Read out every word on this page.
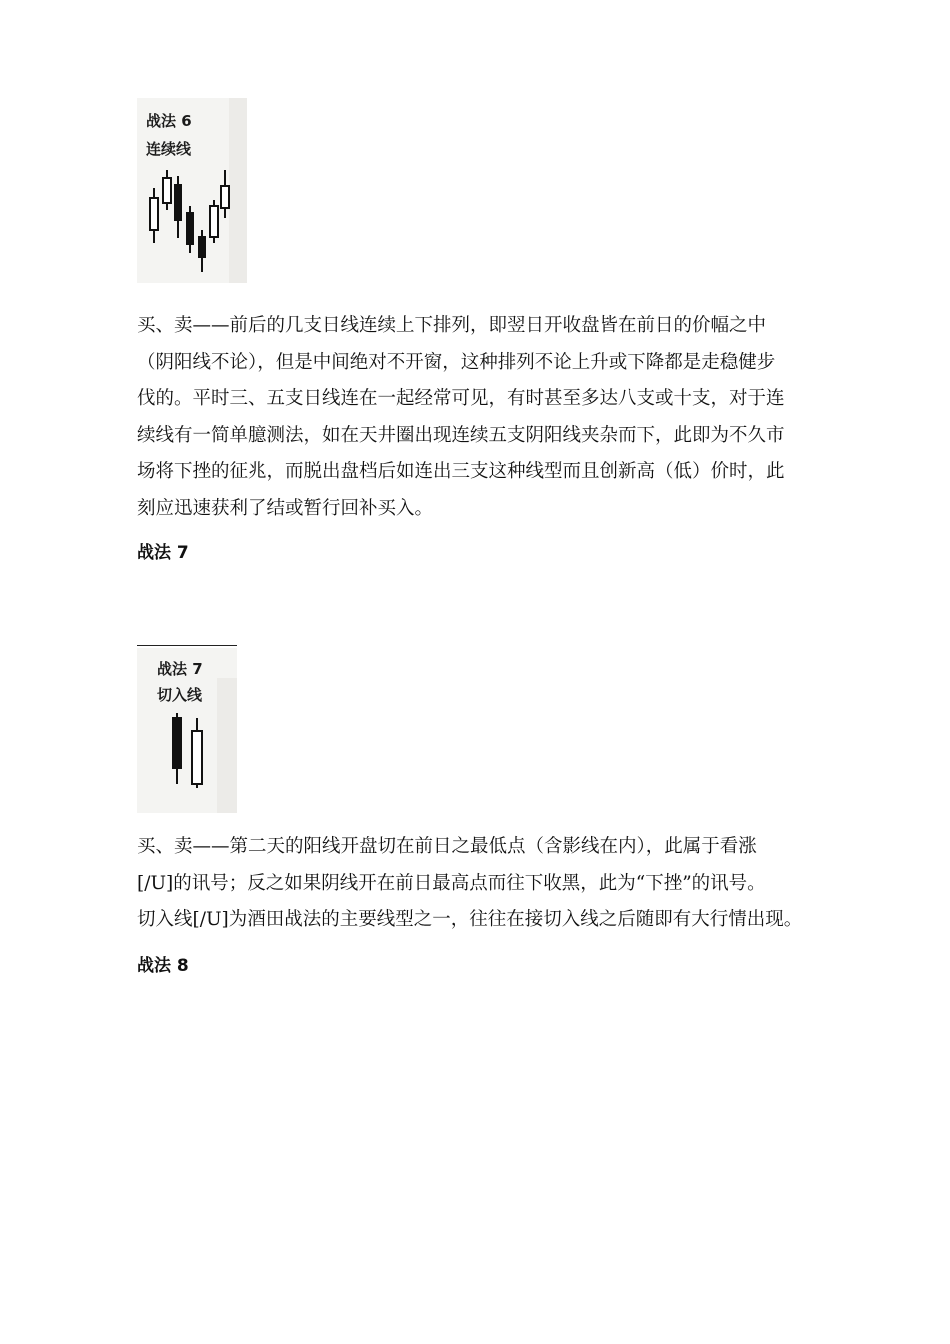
战法 6
连续线
买、卖——前后的几支日线连续上下排列，即翌日开收盘皆在前日的价幅之中
（阴阳线不论），但是中间绝对不开窗，这种排列不论上升或下降都是走稳健步
伐的。平时三、五支日线连在一起经常可见，有时甚至多达八支或十支，对于连
续线有一简单臆测法，如在天井圈出现连续五支阴阳线夹杂而下，此即为不久市
场将下挫的征兆，而脱出盘档后如连出三支这种线型而且创新高（低）价时，此
刻应迅速获利了结或暂行回补买入。
战法 7
战法 7
切入线
买、卖——第二天的阳线开盘切在前日之最低点（含影线在内），此属于看涨
[/U]的讯号；反之如果阴线开在前日最高点而往下收黑，此为“下挫”的讯号。
切入线[/U]为酒田战法的主要线型之一，往往在接切入线之后随即有大行情出现。
战法 8
